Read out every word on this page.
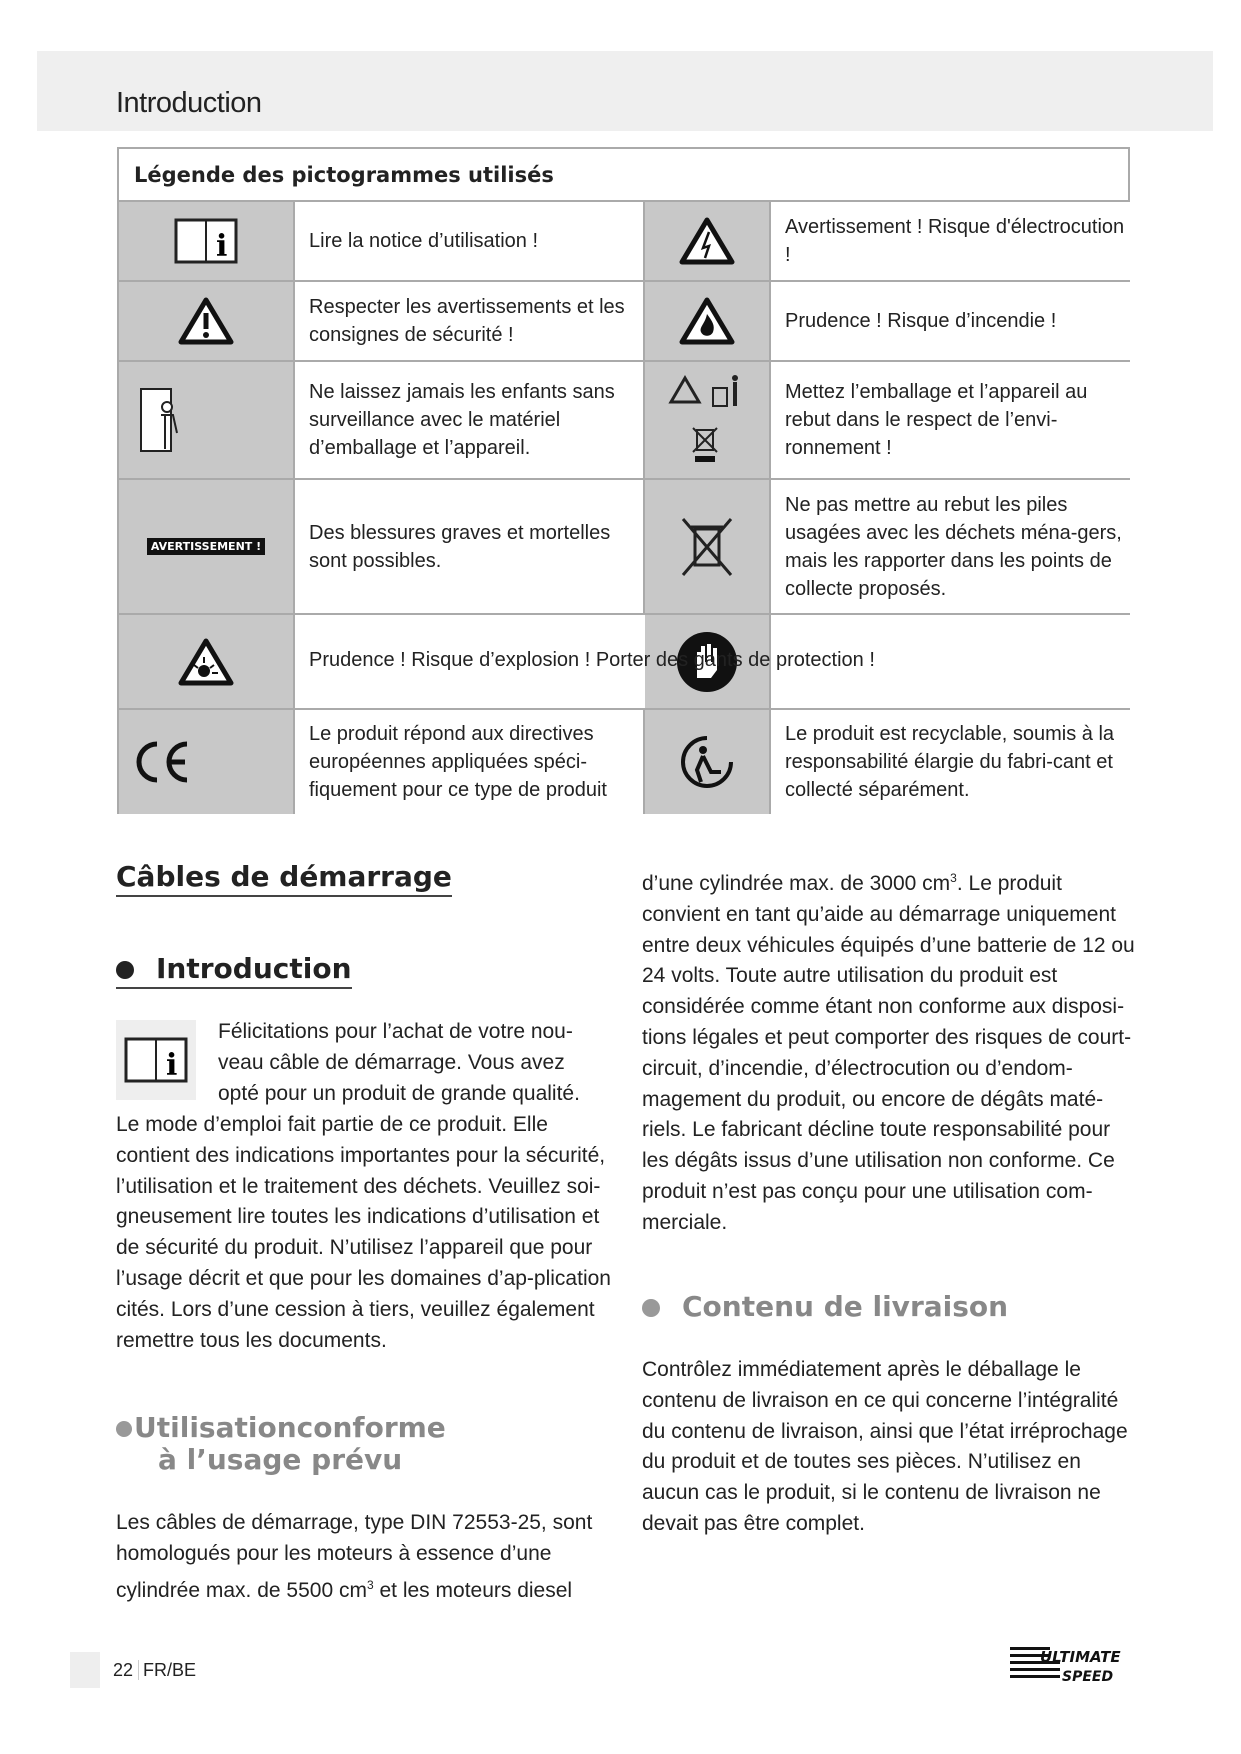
Introduction
Légende des pictogrammes utilisés
i	Lire la notice d’utilisation !
Avertissement ! Risque d'électrocution !
Respecter les avertissements et les consignes de sécurité !
Prudence ! Risque d’incendie !
Ne laissez jamais les enfants sans surveillance avec le matériel d’emballage et l’appareil.
Mettez l’emballage et l’appareil au rebut dans le respect de l’envi-ronnement !
AVERTISSEMENT !
Des blessures graves et mortelles sont possibles.
Ne pas mettre au rebut les piles usagées avec les déchets ména-gers, mais les rapporter dans les points de collecte proposés.
Prudence ! Risque d’explosion ! Porter des gants de protection !
Le produit répond aux directives européennes appliquées spéci-fiquement pour ce type de produit
Le produit est recyclable, soumis à la responsabilité élargie du fabri-cant et collecté séparément.
Câbles de démarrage
Introduction
i
Félicitations pour l’achat de votre nou-veau câble de démarrage. Vous avez opté pour un produit de grande qualité.
Le mode d’emploi fait partie de ce produit. Elle contient des indications importantes pour la sécurité, l’utilisation et le traitement des déchets. Veuillez soi-gneusement lire toutes les indications d’utilisation et de sécurité du produit. N’utilisez l’appareil que pour l’usage décrit et que pour les domaines d’ap-plication cités. Lors d’une cession à tiers, veuillez également remettre tous les documents.
Utilisationconforme
à l’usage prévu
Les câbles de démarrage, type DIN 72553-25, sont homologués pour les moteurs à essence d’une cylindrée max. de 5500 $cm^3$ et les moteurs diesel
d’une cylindrée max. de 3000 $cm^3$. Le produit convient en tant qu’aide au démarrage uniquement entre deux véhicules équipés d’une batterie de 12 ou 24 volts. Toute autre utilisation du produit est considérée comme étant non conforme aux disposi-tions légales et peut comporter des risques de court-circuit, d’incendie, d’électrocution ou d’endom-magement du produit, ou encore de dégâts maté-riels. Le fabricant décline toute responsabilité pour les dégâts issus d’une utilisation non conforme. Ce produit n’est pas conçu pour une utilisation com-merciale.
Contenu de livraison
Contrôlez immédiatement après le déballage le contenu de livraison en ce qui concerne l’intégralité du contenu de livraison, ainsi que l’état irréprochage du produit et de toutes ses pièces. N’utilisez en aucun cas le produit, si le contenu de livraison ne devait pas être complet.
22 FR/BE
ULTIMATE
SPEED
